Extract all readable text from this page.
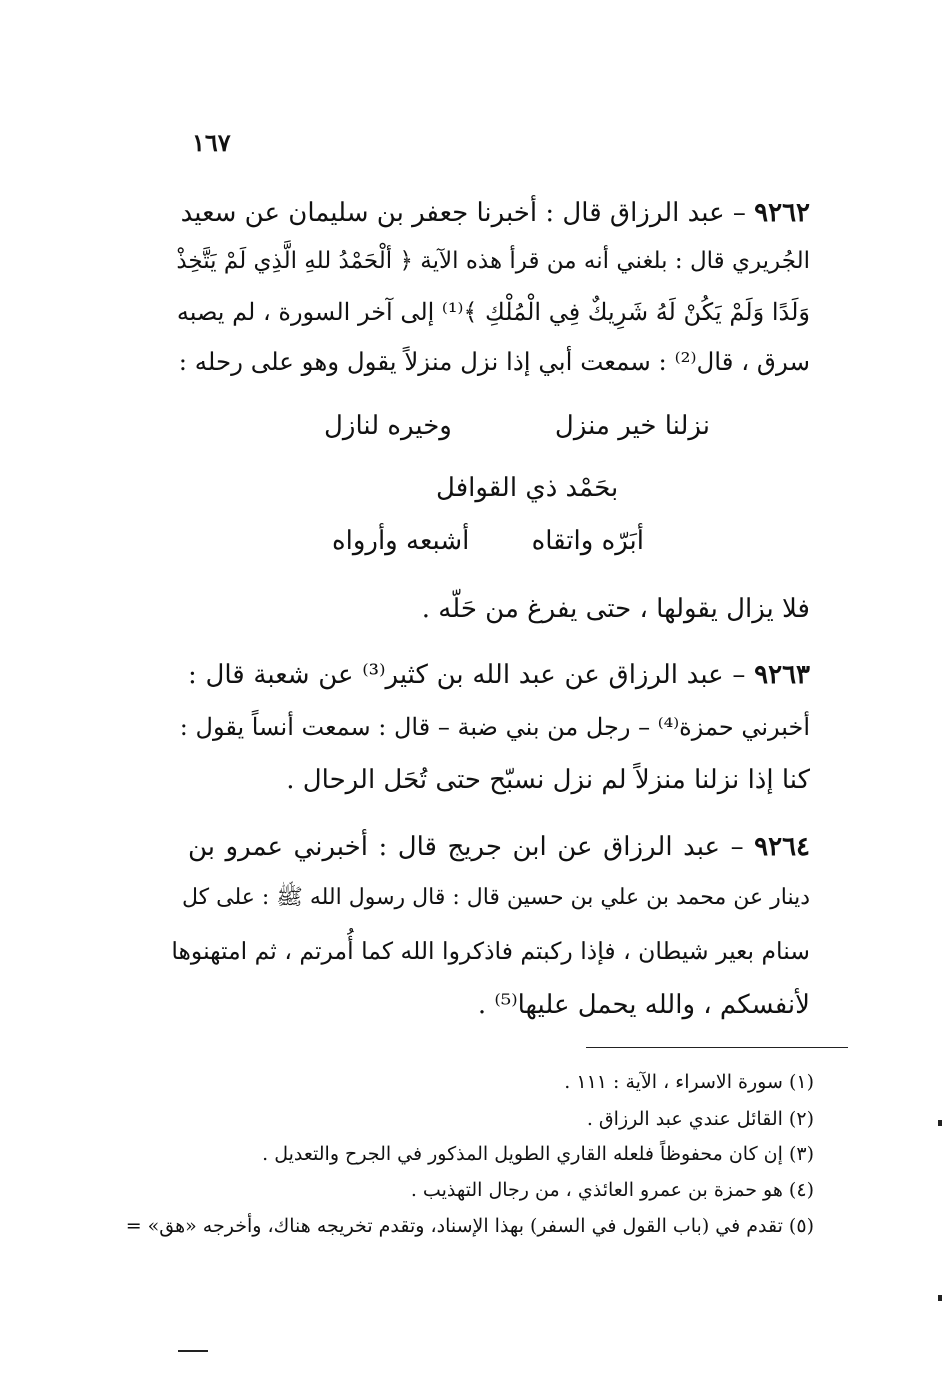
١٦٧
٩٢٦٢ – عبد الرزاق قال : أخبرنا جعفر بن سليمان عن سعيد
الجُريري قال : بلغني أنه من قرأ هذه الآية ﴿ ألْحَمْدُ للهِ الَّذِي لَمْ يَتَّخِذْ
وَلَدًا وَلَمْ يَكُنْ لَهُ شَرِيكٌ فِي الْمُلْكِ ﴾⁽¹⁾ إلى آخر السورة ، لم يصبه
سرق ، قال⁽²⁾ : سمعت أبي إذا نزل منزلاً يقول وهو على رحله :
نزلنا خير منزل
وخيره لنازل
بحَمْد ذي القوافل
أبَرّه واتقاه
أشبعه وأرواه
فلا يزال يقولها ، حتى يفرغ من حَلّه .
٩٢٦٣ – عبد الرزاق عن عبد الله بن كثير⁽³⁾ عن شعبة قال :
أخبرني حمزة⁽⁴⁾ – رجل من بني ضبة – قال : سمعت أنساً يقول :
كنا إذا نزلنا منزلاً لم نزل نسبّح حتى تُحَل الرحال .
٩٢٦٤ – عبد الرزاق عن ابن جريج قال : أخبرني عمرو بن
دينار عن محمد بن علي بن حسين قال : قال رسول الله ﷺ : على كل
سنام بعير شيطان ، فإذا ركبتم فاذكروا الله كما أُمرتم ، ثم امتهنوها
لأنفسكم ، والله يحمل عليها⁽⁵⁾ .
(١) سورة الاسراء ، الآية : ١١١ .
(٢) القائل عندي عبد الرزاق .
(٣) إن كان محفوظاً فلعله القاري الطويل المذكور في الجرح والتعديل .
(٤) هو حمزة بن عمرو العائذي ، من رجال التهذيب .
(٥) تقدم في (باب القول في السفر) بهذا الإسناد، وتقدم تخريجه هناك، وأخرجه «هق» =
